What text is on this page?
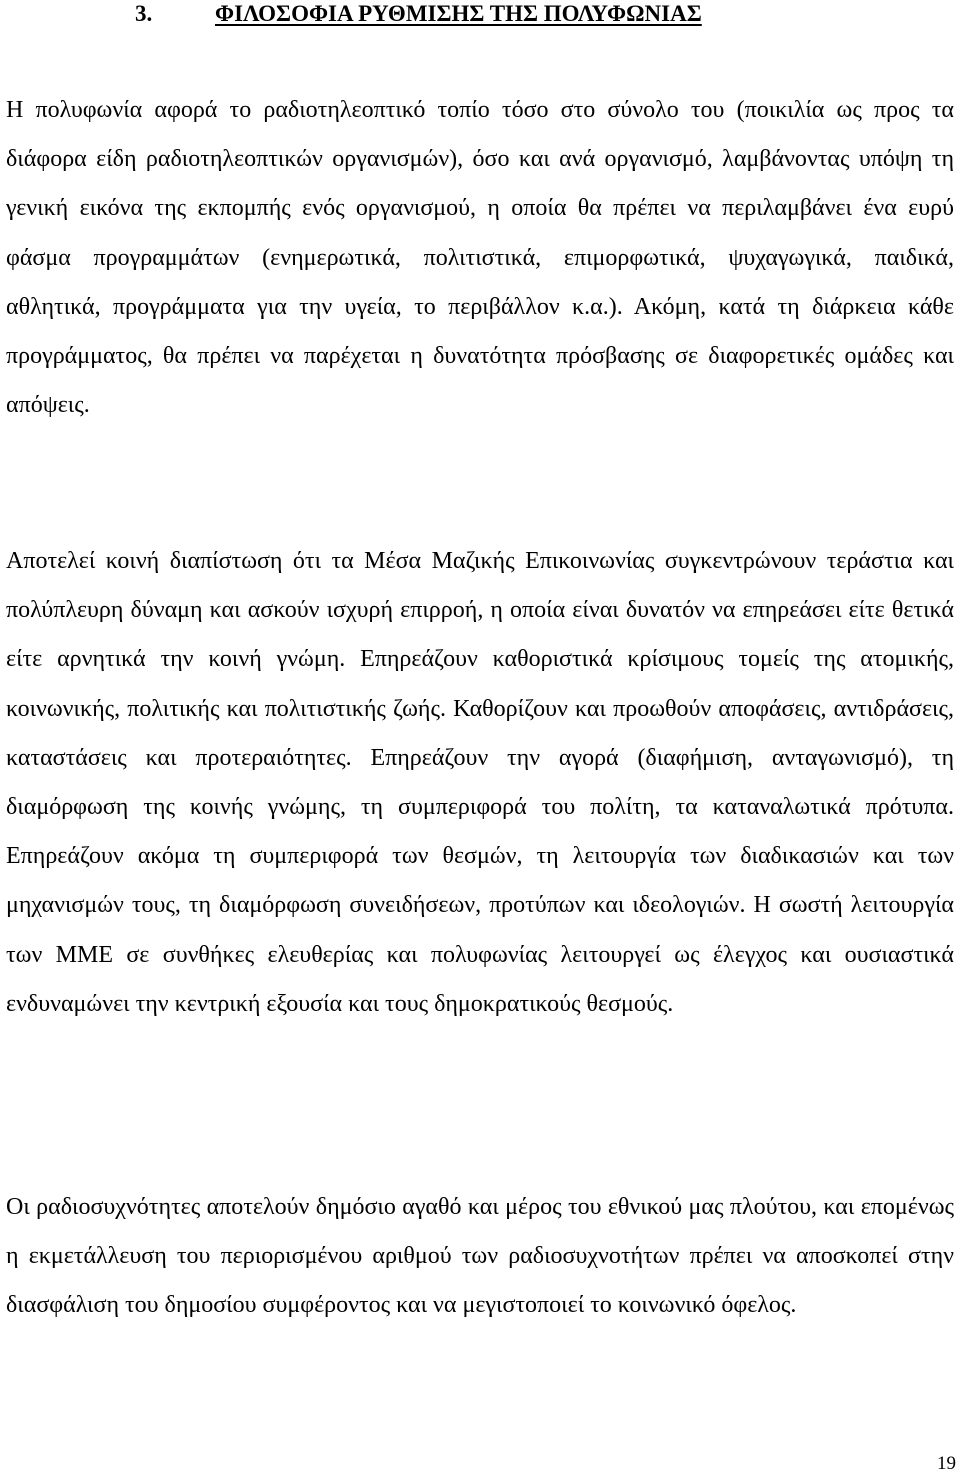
3.	ΦΙΛΟΣΟΦΙΑ ΡΥΘΜΙΣΗΣ ΤΗΣ ΠΟΛΥΦΩΝΙΑΣ

Η πολυφωνία αφορά το ραδιοτηλεοπτικό τοπίο τόσο στο σύνολο του (ποικιλία ως προς τα διάφορα είδη ραδιοτηλεοπτικών οργανισμών), όσο και ανά οργανισμό, λαμβάνοντας υπόψη τη γενική εικόνα της εκπομπής ενός οργανισμού, η οποία θα πρέπει να περιλαμβάνει ένα ευρύ φάσμα προγραμμάτων (ενημερωτικά, πολιτιστικά, επιμορφωτικά, ψυχαγωγικά, παιδικά, αθλητικά, προγράμματα για την υγεία, το περιβάλλον κ.α.). Ακόμη, κατά τη διάρκεια κάθε προγράμματος, θα πρέπει να παρέχεται η δυνατότητα πρόσβασης σε διαφορετικές ομάδες και απόψεις.

Αποτελεί κοινή διαπίστωση ότι τα Μέσα Μαζικής Επικοινωνίας συγκεντρώνουν τεράστια και πολύπλευρη δύναμη και ασκούν ισχυρή επιρροή, η οποία είναι δυνατόν να επηρεάσει είτε θετικά είτε αρνητικά την κοινή γνώμη. Επηρεάζουν καθοριστικά κρίσιμους τομείς της ατομικής, κοινωνικής, πολιτικής και πολιτιστικής ζωής. Καθορίζουν και προωθούν αποφάσεις, αντιδράσεις, καταστάσεις και προτεραιότητες. Επηρεάζουν την αγορά (διαφήμιση, ανταγωνισμό), τη διαμόρφωση της κοινής γνώμης, τη συμπεριφορά του πολίτη, τα καταναλωτικά πρότυπα. Επηρεάζουν ακόμα τη συμπεριφορά των θεσμών, τη λειτουργία των διαδικασιών και των μηχανισμών τους, τη διαμόρφωση συνειδήσεων, προτύπων και ιδεολογιών. Η σωστή λειτουργία των ΜΜΕ σε συνθήκες ελευθερίας και πολυφωνίας λειτουργεί ως έλεγχος και ουσιαστικά ενδυναμώνει την κεντρική εξουσία και τους δημοκρατικούς θεσμούς.

Οι ραδιοσυχνότητες αποτελούν δημόσιο αγαθό και μέρος του εθνικού μας πλούτου, και επομένως η εκμετάλλευση του περιορισμένου αριθμού των ραδιοσυχνοτήτων πρέπει να αποσκοπεί στην διασφάλιση του δημοσίου συμφέροντος και να μεγιστοποιεί το κοινωνικό όφελος.

19
